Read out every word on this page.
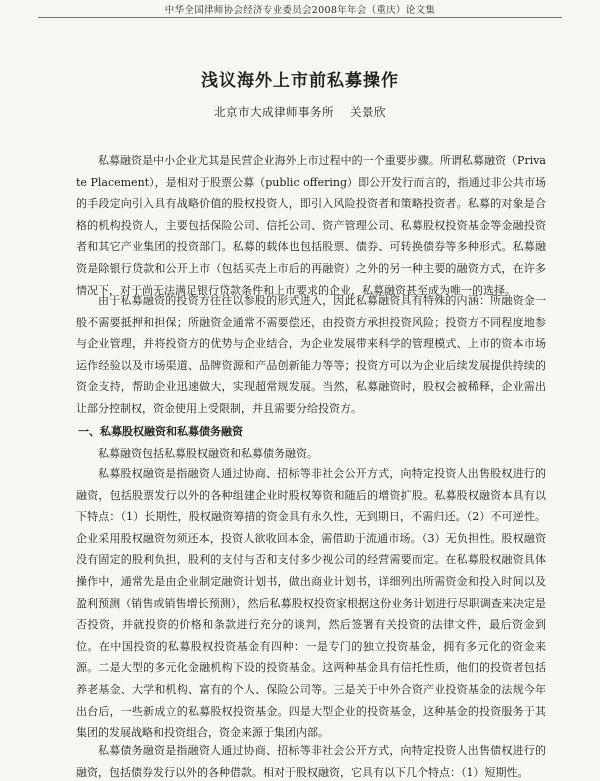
中华全国律师协会经济专业委员会2008年年会（重庆）论文集
浅议海外上市前私募操作
北京市大成律师事务所 关景欣

私募融资是中小企业尤其是民营企业海外上市过程中的一个重要步骤。所谓私募融资（Private Placement），是相对于股票公募（public offering）即公开发行而言的，指通过非公共市场的手段定向引入具有战略价值的股权投资人，即引入风险投资者和策略投资者。私募的对象是合格的机构投资人，主要包括保险公司、信托公司、资产管理公司、私募股权投资基金等金融投资者和其它产业集团的投资部门。私募的载体也包括股票、债券、可转换债券等多种形式。私募融资是除银行贷款和公开上市（包括买壳上市后的再融资）之外的另一种主要的融资方式，在许多情况下，对于尚无法满足银行贷款条件和上市要求的企业，私募融资甚至成为唯一的选择。

由于私募融资的投资方往往以参股的形式进入，因此私募融资具有特殊的内涵：所融资金一般不需要抵押和担保；所融资金通常不需要偿还，由投资方承担投资风险；投资方不同程度地参与企业管理，并将投资方的优势与企业结合，为企业发展带来科学的管理模式、上市的资本市场运作经验以及市场渠道、品牌资源和产品创新能力等等；投资方可以为企业后续发展提供持续的资金支持，帮助企业迅速做大，实现超常规发展。当然，私募融资时，股权会被稀释，企业需出让部分控制权，资金使用上受限制，并且需要分给投资方。

一、私募股权融资和私募债务融资

私募融资包括私募股权融资和私募债务融资。

私募股权融资是指融资人通过协商、招标等非社会公开方式，向特定投资人出售股权进行的融资，包括股票发行以外的各种组建企业时股权筹资和随后的增资扩股。私募股权融资本具有以下特点：（1）长期性，股权融资筹措的资金具有永久性，无到期日，不需归还。（2）不可逆性。企业采用股权融资勿须还本，投资人欲收回本金，需借助于流通市场。（3）无负担性。股权融资没有固定的股利负担，股利的支付与否和支付多少视公司的经营需要而定。在私募股权融资具体操作中，通常先是由企业制定融资计划书，做出商业计划书，详细列出所需资金和投入时间以及盈利预测（销售或销售增长预测），然后私募股权投资家根据这份业务计划进行尽职调查来决定是否投资，并就投资的价格和条款进行充分的谈判，然后签署有关投资的法律文件，最后资金到位。在中国投资的私募股权投资基金有四种：一是专门的独立投资基金，拥有多元化的资金来源。二是大型的多元化金融机构下设的投资基金。这两种基金具有信托性质，他们的投资者包括养老基金、大学和机构、富有的个人、保险公司等。三是关于中外合资产业投资基金的法规今年出台后，一些新成立的私募股权投资基金。四是大型企业的投资基金，这种基金的投资服务于其集团的发展战略和投资组合，资金来源于集团内部。

私募债务融资是指融资人通过协商、招标等非社会公开方式，向特定投资人出售债权进行的融资，包括债券发行以外的各种借款。相对于股权融资，它具有以下几个特点：（1）短期性。
